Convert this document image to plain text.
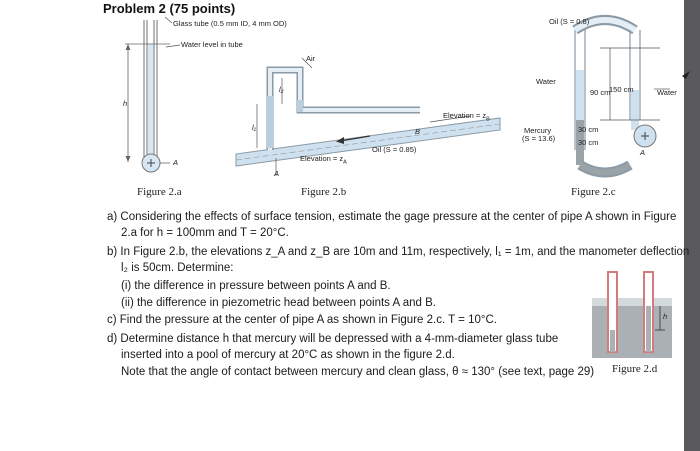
Problem 2 (75 points)
Glass tube (0.5 mm ID, 4 mm OD)
Water level in tube
h
A
Figure 2.a
Air
l₂
l₁
Elevation = $z_B$
B
Oil (S = 0.85)
Elevation = $z_A$
A
Figure 2.b
Oil (S = 0.8)
Water
90 cm
150 cm	Water
Mercury
(S = 13.6)
30 cm
30 cm
A
Figure 2.c
h
Figure 2.d
a) Considering the effects of surface tension, estimate the gage pressure at the center of pipe A shown in Figure
2.a for h = 100mm and T = 20°C.
b) In Figure 2.b, the elevations z_A and z_B are 10m and 11m, respectively, l₁ = 1m, and the manometer deflection
l₂ is 50cm. Determine:
(i) the difference in pressure between points A and B.
(ii) the difference in piezometric head between points A and B.
c) Find the pressure at the center of pipe A as shown in Figure 2.c. T = 10°C.
d) Determine distance h that mercury will be depressed with a 4-mm-diameter glass tube
inserted into a pool of mercury at 20°C as shown in the figure 2.d.
Note that the angle of contact between mercury and clean glass, θ ≈ 130° (see text, page 29)
